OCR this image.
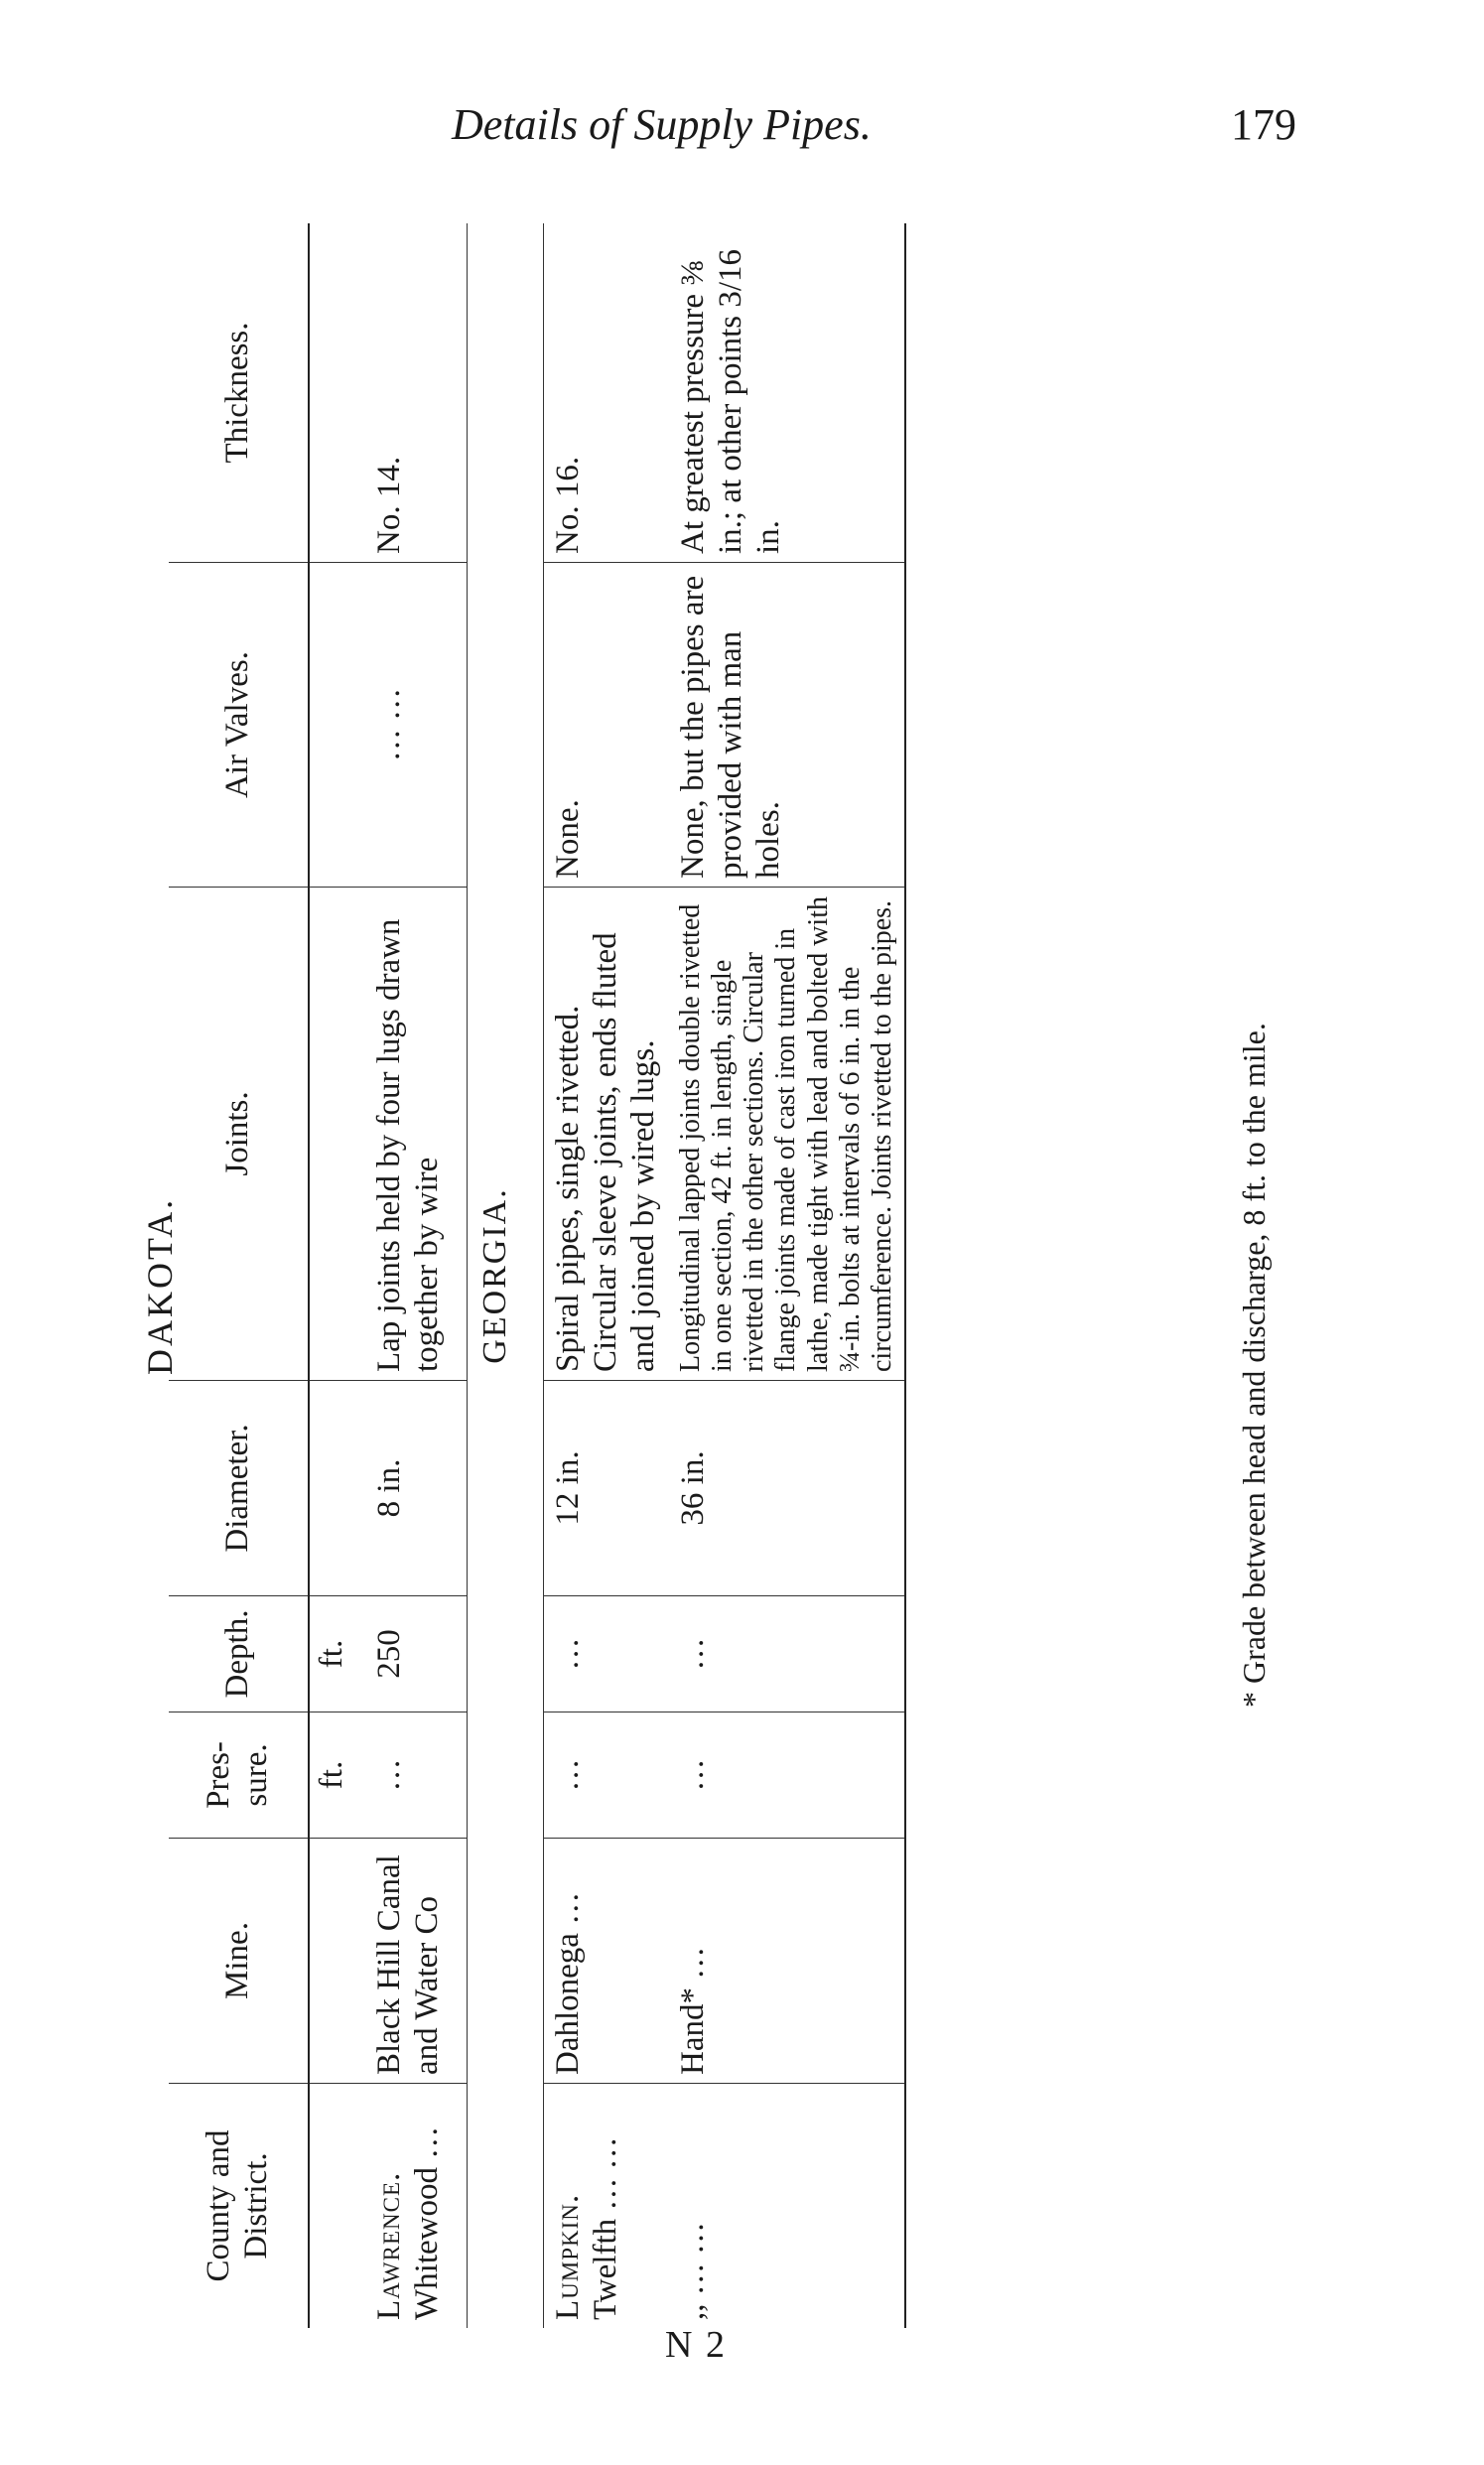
Details of Supply Pipes.	179
DAKOTA.
County and District.	Mine.	Pres-sure.	Depth.	Diameter.	Joints.	Air Valves.	Thickness.
		ft.	ft.				

Lawrence. Whitewood …	Black Hill Canal and Water Co	…	250	8 in.	Lap joints held by four lugs drawn together by wire	… …	No. 14.
GEORGIA.							

Lumpkin. Twelfth … …	Dahlonega …	…	…	12 in.	Spiral pipes, single rivetted. Circular sleeve joints, ends fluted and joined by wired lugs.	None.	No. 16.

,, … …	Hand* …	…	…	36 in.	Longitudinal lapped joints double rivetted in one section, 42 ft. in length, single rivetted in the other sections. Circular flange joints made of cast iron turned in lathe, made tight with lead and bolted with ¾-in. bolts at intervals of 6 in. in the circumference. Joints rivetted to the pipes.	None, but the pipes are provided with man holes.	At greatest pressure ⅜ in.; at other points 3/16 in.
* Grade between head and discharge, 8 ft. to the mile.
N 2
